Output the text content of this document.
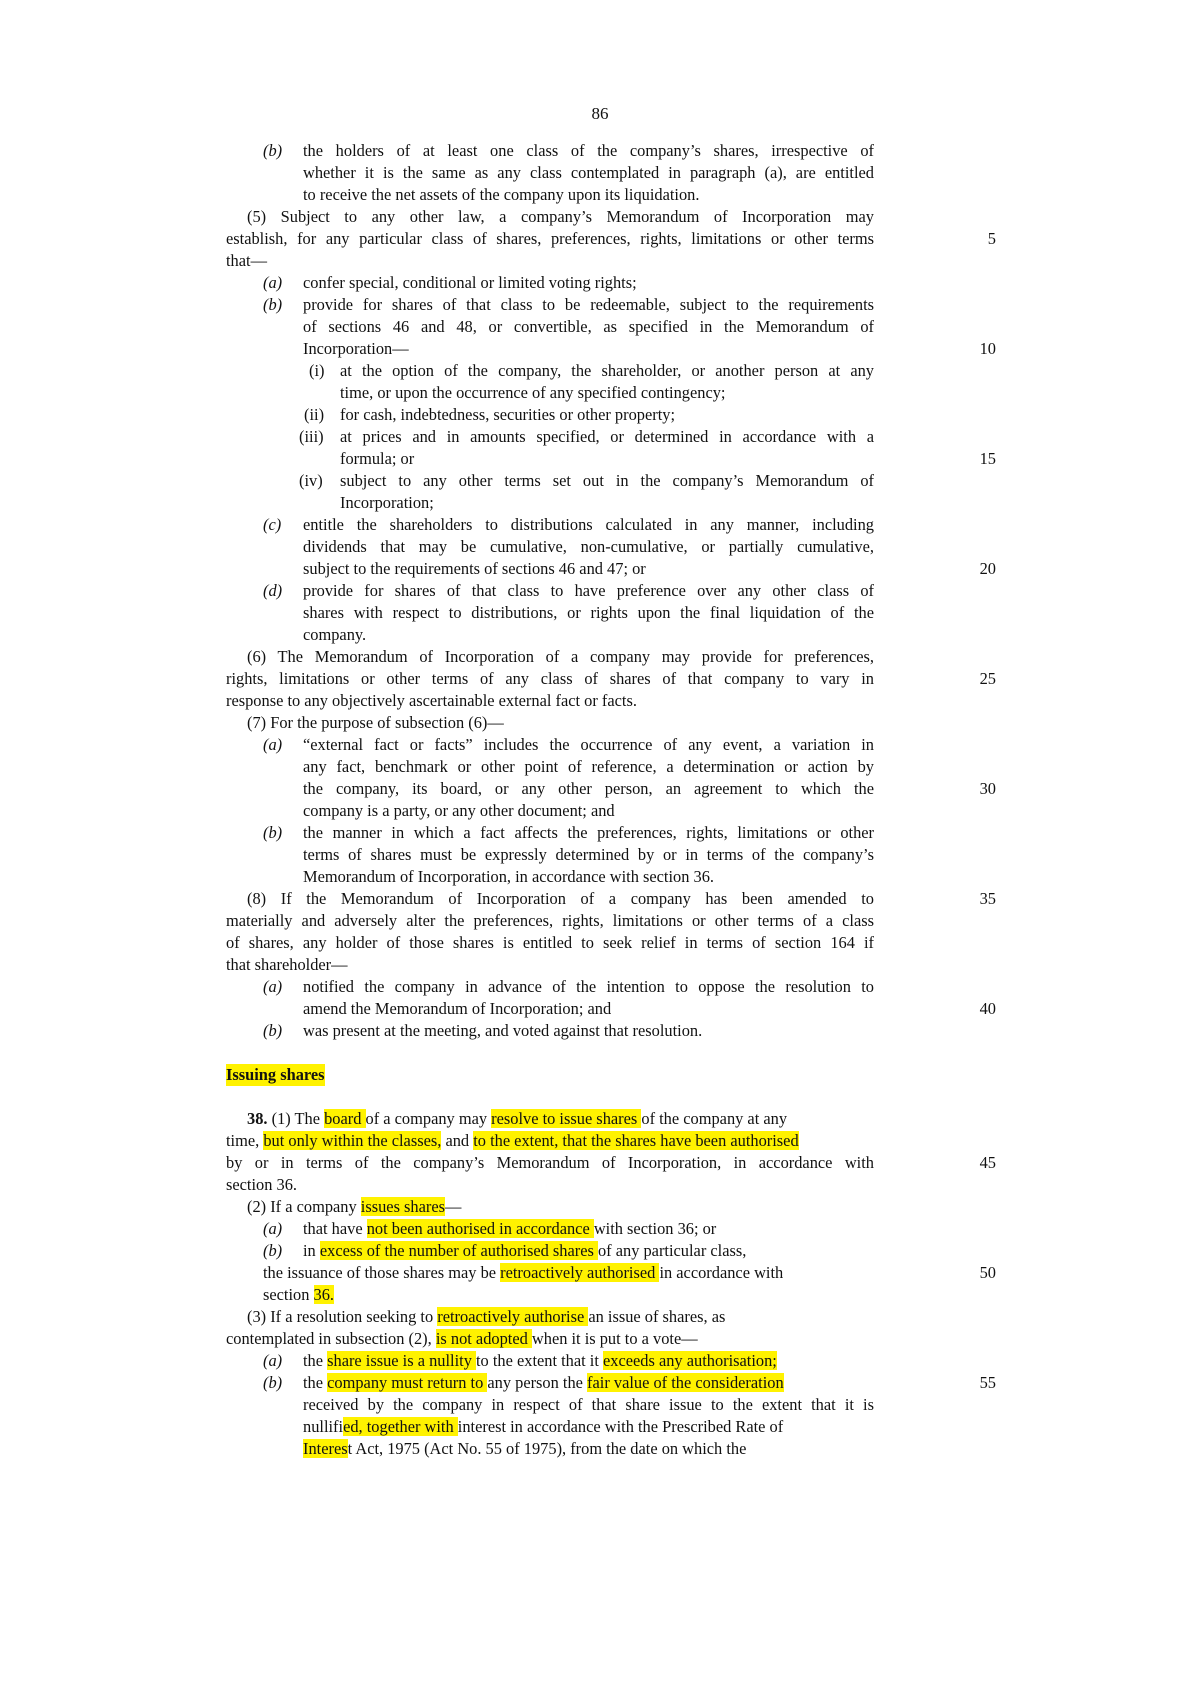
86
(b) the holders of at least one class of the company’s shares, irrespective of
whether it is the same as any class contemplated in paragraph (a), are entitled
to receive the net assets of the company upon its liquidation.
(5) Subject to any other law, a company’s Memorandum of Incorporation may
establish, for any particular class of shares, preferences, rights, limitations or other terms	5
that—
(a) confer special, conditional or limited voting rights;
(b) provide for shares of that class to be redeemable, subject to the requirements
of sections 46 and 48, or convertible, as specified in the Memorandum of
Incorporation—	10
(i) at the option of the company, the shareholder, or another person at any
time, or upon the occurrence of any specified contingency;
(ii) for cash, indebtedness, securities or other property;
(iii) at prices and in amounts specified, or determined in accordance with a
formula; or	15
(iv) subject to any other terms set out in the company’s Memorandum of
Incorporation;
(c) entitle the shareholders to distributions calculated in any manner, including
dividends that may be cumulative, non-cumulative, or partially cumulative,
subject to the requirements of sections 46 and 47; or	20
(d) provide for shares of that class to have preference over any other class of
shares with respect to distributions, or rights upon the final liquidation of the
company.
(6) The Memorandum of Incorporation of a company may provide for preferences,
rights, limitations or other terms of any class of shares of that company to vary in	25
response to any objectively ascertainable external fact or facts.
(7) For the purpose of subsection (6)—
(a) “external fact or facts” includes the occurrence of any event, a variation in
any fact, benchmark or other point of reference, a determination or action by
the company, its board, or any other person, an agreement to which the	30
company is a party, or any other document; and
(b) the manner in which a fact affects the preferences, rights, limitations or other
terms of shares must be expressly determined by or in terms of the company’s
Memorandum of Incorporation, in accordance with section 36.
(8) If the Memorandum of Incorporation of a company has been amended to	35
materially and adversely alter the preferences, rights, limitations or other terms of a class
of shares, any holder of those shares is entitled to seek relief in terms of section 164 if
that shareholder—
(a) notified the company in advance of the intention to oppose the resolution to
amend the Memorandum of Incorporation; and	40
(b) was present at the meeting, and voted against that resolution.
Issuing shares
38. (1) The board of a company may resolve to issue shares of the company at any
time, but only within the classes, and to the extent, that the shares have been authorised
by or in terms of the company’s Memorandum of Incorporation, in accordance with	45
section 36.
(2) If a company issues shares—
(a) that have not been authorised in accordance with section 36; or
(b) in excess of the number of authorised shares of any particular class,
the issuance of those shares may be retroactively authorised in accordance with	50
section 36.
(3) If a resolution seeking to retroactively authorise an issue of shares, as
contemplated in subsection (2), is not adopted when it is put to a vote—
(a) the share issue is a nullity to the extent that it exceeds any authorisation;
(b) the company must return to any person the fair value of the consideration	55
received by the company in respect of that share issue to the extent that it is
nullified, together with interest in accordance with the Prescribed Rate of
Interest Act, 1975 (Act No. 55 of 1975), from the date on which the
